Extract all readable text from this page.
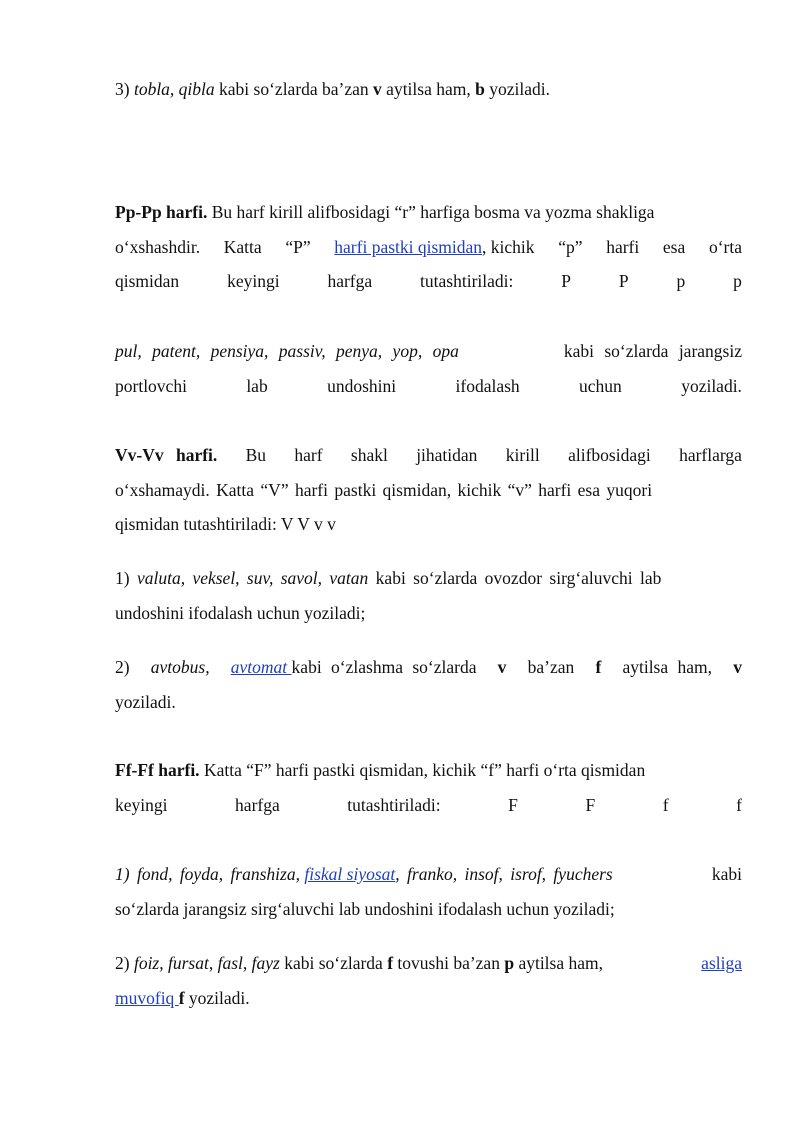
3) tobla, qibla kabi so‘zlarda ba’zan v aytilsa ham, b yoziladi.
Pp-Pp harfi. Bu harf kirill alifbosidagi “r” harfiga bosma va yozma shakliga
o‘xshashdir. Katta “P” harfi pastki qismidan, kichik “p” harfi esa o‘rta
qismidan	keyingi	harfga	tutashtiriladi:	P	P	p	p
pul, patent, pensiya, passiv, penya, yop, opa	kabi so‘zlarda jarangsiz
portlovchi	lab	undoshini	ifodalash	uchun	yoziladi.
Vv-Vv harfi. Bu harf shakl jihatidan kirill alifbosidagi harflarga
o‘xshamaydi. Katta “V” harfi pastki qismidan, kichik “v” harfi esa yuqori
qismidan tutashtiriladi: V V v v
1) valuta, veksel, suv, savol, vatan kabi so‘zlarda ovozdor sirg‘aluvchi lab
undoshini ifodalash uchun yoziladi;
2) avtobus, avtomat kabi o‘zlashma so‘zlarda v ba’zan f aytilsa ham, v
yoziladi.
Ff-Ff harfi. Katta “F” harfi pastki qismidan, kichik “f” harfi o‘rta qismidan
keyingi	harfga	tutashtiriladi:	F	F	f	f
1) fond, foyda, franshiza, fiskal siyosat, franko, insof, isrof, fyuchers	kabi
so‘zlarda jarangsiz sirg‘aluvchi lab undoshini ifodalash uchun yoziladi;
2) foiz, fursat, fasl, fayz kabi so‘zlarda f tovushi ba’zan p aytilsa ham,	asliga
muvofiq f yoziladi.
